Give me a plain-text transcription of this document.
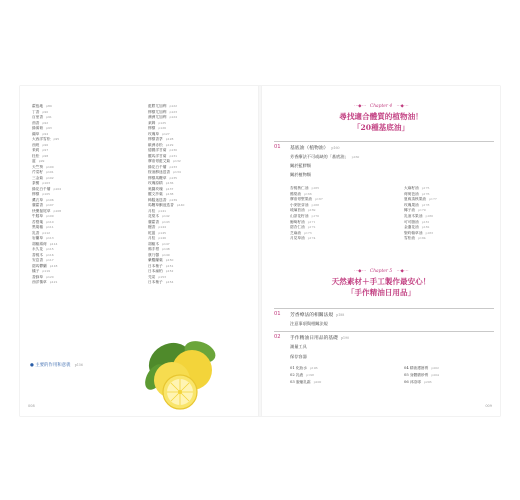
藿苞地 p89
丁香 p90
百里香 p91
茴香 p92
綠薄荷 p93
纈草 p94
大西洋雪松 p95
西班 p96
茉莉 p97
杜松 p98
薑 p99
天竺葵 p100
芹菜籽 p101
三金菊 p102
茶樹 p103
綠花白千層 p104
檸檬 p105
薰衣草 p106
廣藿香 p107
快樂鼠尾草 p108
牛膝草 p109
苦橙葉 p110
黑胡椒 p111
乳香 p112
岩蘭草 p113
胡椒薄荷 p114
永久花 p115
香桃木 p116
安息香 p117
甜馬鬱蘭 p118
橘子 p119
香蜂草 p120
西洋蓍草 p121
藍膠尤加利 p122
檸檬尤加利 p123
澳洲尤加利 p124
萊姆 p125
檸檬 p126
玫瑰草 p127
檸檬香茅 p128
歐洲赤松 p129
德國洋甘菊 p130
羅馬洋甘菊 p131
摩洛哥藍艾菊 p132
綠花白千層 p133
桉油醇迷迭香 p134
檸檬馬鞭草 p135
玫瑰原精 p136
奧圖玫瑰 p137
羅文莎葉 p138
樟腦迷迭香 p139
馬鞭草酮迷迭香 p140
月桂 p141
花梨木 p142
廣藿香 p143
檀香 p144
乾薑 p145
月桂 p146
胡椒木 p147
佛手柑 p148
康乃馨 p149
紫羅蘭葉 p150
日本柚子 p151
日本扁柏 p152
芫荽 p153
日本柚子 p154
● 主要的作用和意義 p156
008
⋯◆⋯ Chapter 4 ⋯◆⋯
尋找適合體質的植物油！
「20種基底油」
01 基底油（植物油） p160
芳香療法不可或缺的「基底油」 p160
關於藍膠類
關於植物類
杏桃核仁油 p165
酪梨油 p166
摩洛哥堅果油 p167
小麥胚芽油 p168
琉璃苣油 p169
山茶花籽油 p170
葡萄籽油 p171
甜杏仁油 p172
芝麻油 p173
月見草油 p174
大麻籽油 p175
荷荷芭油 p176
夏威夷核果油 p177
玫瑰果油 p178
椰子油 p179
乳油木果油 p180
可可脂油 p181
金盞花油 p182
聖約翰草油 p183
雪松油 p184
⋯◆⋯ Chapter 5 ⋯◆⋯
天然素材＋手工製作最安心！
「手作精油日用品」
01 芳香療法的相關法規 p188
注意事項與相關法規
02 手作精油日用品的基礎 p190
測量工具
保存容器
01 化妝水 p196
02 乳液 p198
03 蜜蠟乳霜 p200
04 精油護唇膏 p202
05 身體磨砂膏 p204
06 沐浴球 p206
009
